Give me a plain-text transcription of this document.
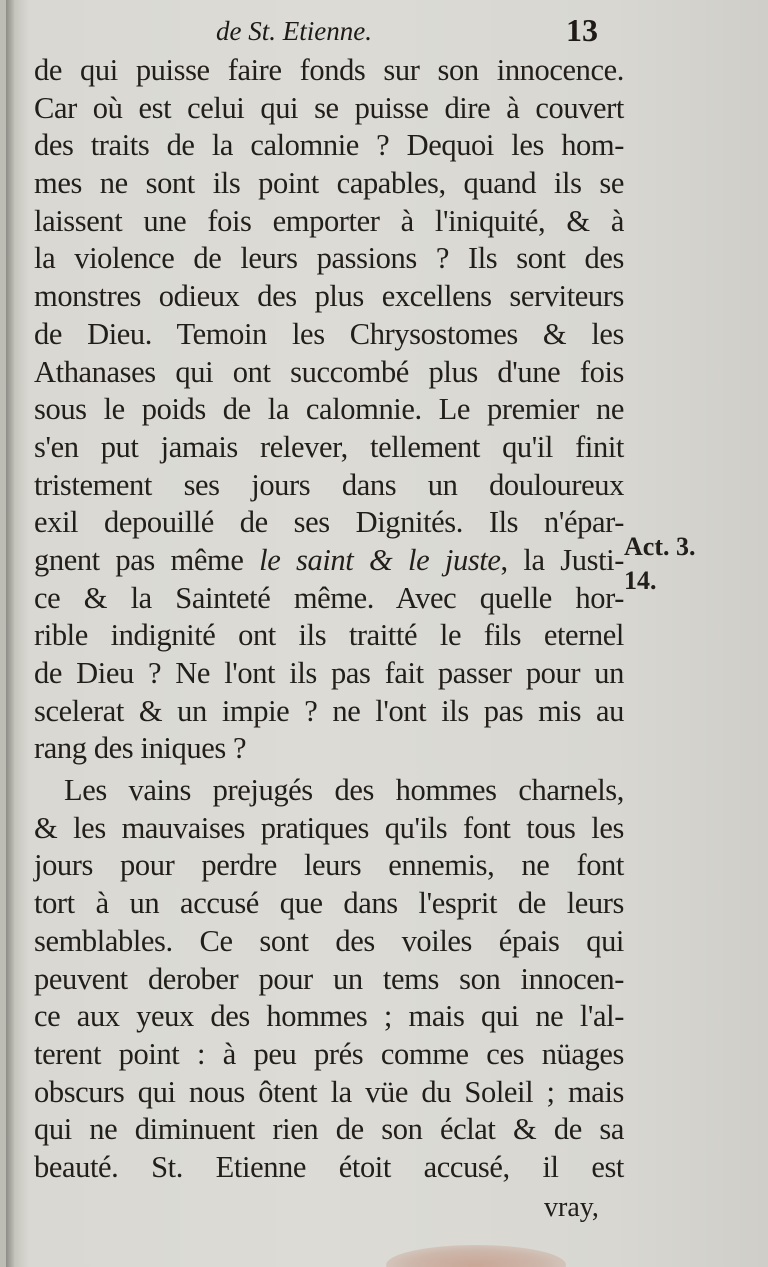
de St. Etienne.	13
de qui puisse faire fonds sur son innocence.
Car où est celui qui se puisse dire à couvert
des traits de la calomnie ? Dequoi les hom-
mes ne sont ils point capables, quand ils se
laissent une fois emporter à l'iniquité, & à
la violence de leurs passions ? Ils sont des
monstres odieux des plus excellens serviteurs
de Dieu. Temoin les Chrysostomes & les
Athanases qui ont succombé plus d'une fois
sous le poids de la calomnie. Le premier ne
s'en put jamais relever, tellement qu'il finit
tristement ses jours dans un douloureux
exil depouillé de ses Dignités. Ils n'épar-
gnent pas même le saint & le juste, la Justi-
ce & la Sainteté même. Avec quelle hor-
rible indignité ont ils traitté le fils eternel
de Dieu ? Ne l'ont ils pas fait passer pour un
scelerat & un impie ? ne l'ont ils pas mis au
rang des iniques ?
Les vains prejugés des hommes charnels,
& les mauvaises pratiques qu'ils font tous les
jours pour perdre leurs ennemis, ne font
tort à un accusé que dans l'esprit de leurs
semblables. Ce sont des voiles épais qui
peuvent derober pour un tems son innocen-
ce aux yeux des hommes ; mais qui ne l'al-
terent point : à peu prés comme ces nüages
obscurs qui nous ôtent la vüe du Soleil ; mais
qui ne diminuent rien de son éclat & de sa
beauté. St. Etienne étoit accusé, il est
Act. 3.
14.
vray,
